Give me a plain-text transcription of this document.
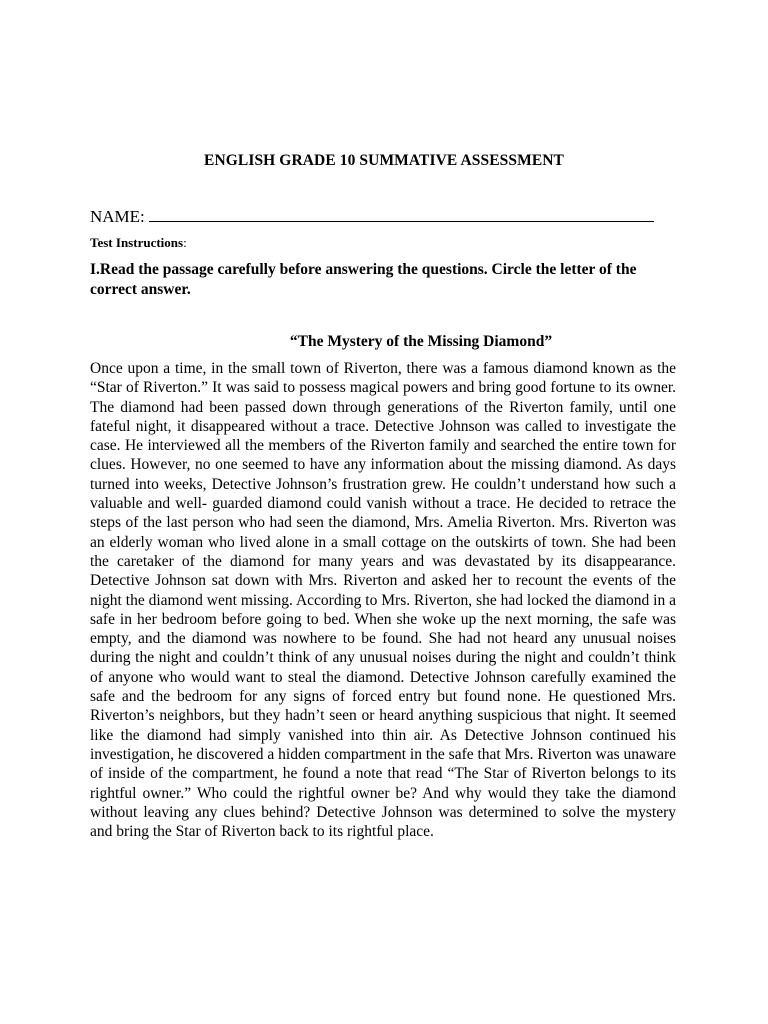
ENGLISH GRADE 10 SUMMATIVE ASSESSMENT
NAME:
Test Instructions:
I.Read the passage carefully before answering the questions. Circle the letter of the correct answer.
“The Mystery of the Missing Diamond”

Once upon a time, in the small town of Riverton, there was a famous diamond known as the “Star of Riverton.” It was said to possess magical powers and bring good fortune to its owner. The diamond had been passed down through generations of the Riverton family, until one fateful night, it disappeared without a trace. Detective Johnson was called to investigate the case. He interviewed all the members of the Riverton family and searched the entire town for clues. However, no one seemed to have any information about the missing diamond. As days turned into weeks, Detective Johnson’s frustration grew. He couldn’t understand how such a valuable and well- guarded diamond could vanish without a trace. He decided to retrace the steps of the last person who had seen the diamond, Mrs. Amelia Riverton. Mrs. Riverton was an elderly woman who lived alone in a small cottage on the outskirts of town. She had been the caretaker of the diamond for many years and was devastated by its disappearance. Detective Johnson sat down with Mrs. Riverton and asked her to recount the events of the night the diamond went missing. According to Mrs. Riverton, she had locked the diamond in a safe in her bedroom before going to bed. When she woke up the next morning, the safe was empty, and the diamond was nowhere to be found. She had not heard any unusual noises during the night and couldn’t think of any unusual noises during the night and couldn’t think of anyone who would want to steal the diamond. Detective Johnson carefully examined the safe and the bedroom for any signs of forced entry but found none. He questioned Mrs. Riverton’s neighbors, but they hadn’t seen or heard anything suspicious that night. It seemed like the diamond had simply vanished into thin air. As Detective Johnson continued his investigation, he discovered a hidden compartment in the safe that Mrs. Riverton was unaware of inside of the compartment, he found a note that read “The Star of Riverton belongs to its rightful owner.” Who could the rightful owner be? And why would they take the diamond without leaving any clues behind? Detective Johnson was determined to solve the mystery and bring the Star of Riverton back to its rightful place.
